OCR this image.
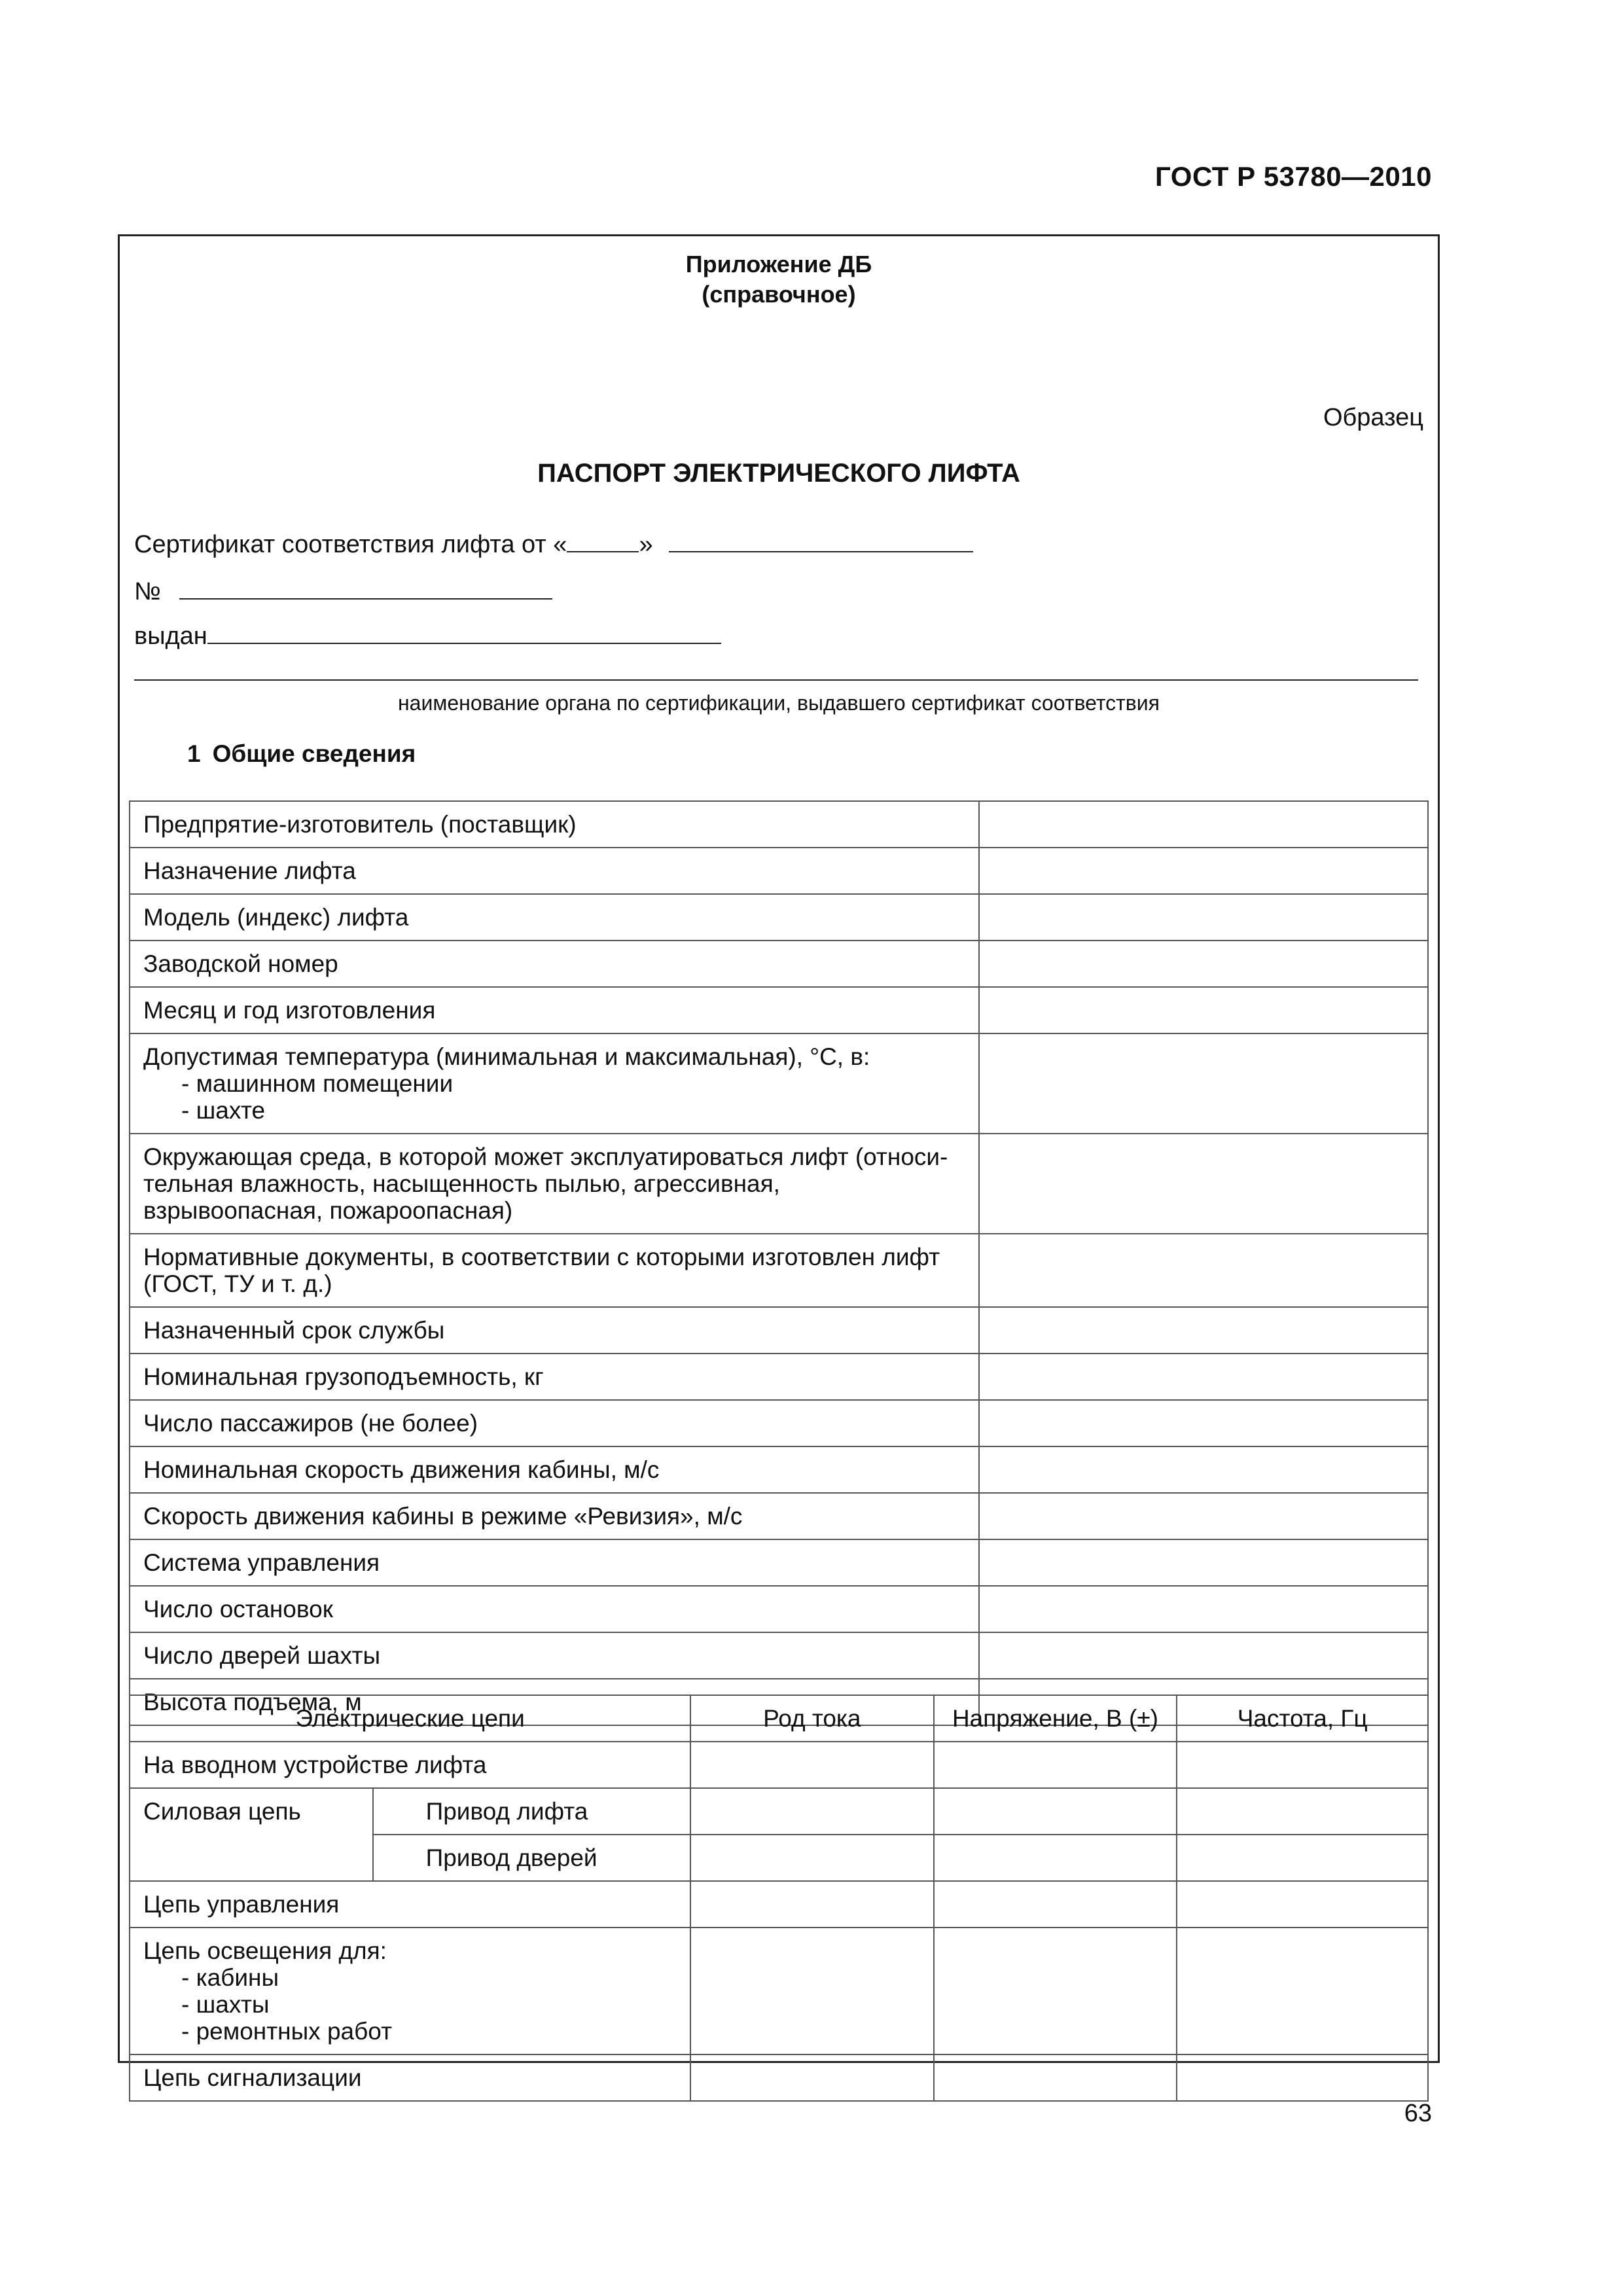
ГОСТ Р 53780—2010
Приложение ДБ
(справочное)
Образец
ПАСПОРТ ЭЛЕКТРИЧЕСКОГО ЛИФТА
Сертификат соответствия лифта от «	»
№
выдан
наименование органа по сертификации, выдавшего сертификат соответствия
1 Общие сведения
Предпрятие-изготовитель (поставщик)	

Назначение лифта	

Модель (индекс) лифта	

Заводской номер	

Месяц и год изготовления	

Допустимая температура (минимальная и максимальная), °С, в:
- машинном помещении
- шахте	

Окружающая среда, в которой может эксплуатироваться лифт (относи-тельная влажность, насыщенность пылью, агрессивная, взрывоопасная, пожароопасная)	

Нормативные документы, в соответствии с которыми изготовлен лифт (ГОСТ, ТУ и т. д.)	

Назначенный срок службы	

Номинальная грузоподъемность, кг	

Число пассажиров (не более)	

Номинальная скорость движения кабины, м/с	

Скорость движения кабины в режиме «Ревизия», м/с	

Система управления	

Число остановок	

Число дверей шахты	

Высота подъема, м	

Электрические цепи		Род тока	Напряжение, В (±)	Частота, Гц
На вводном устройстве лифта				
Силовая цепь	Привод лифта			
	Привод дверей			
Цепь управления				

Цепь освещения для:
- кабины
- шахты
- ремонтных работ				

Цепь сигнализации				
63
